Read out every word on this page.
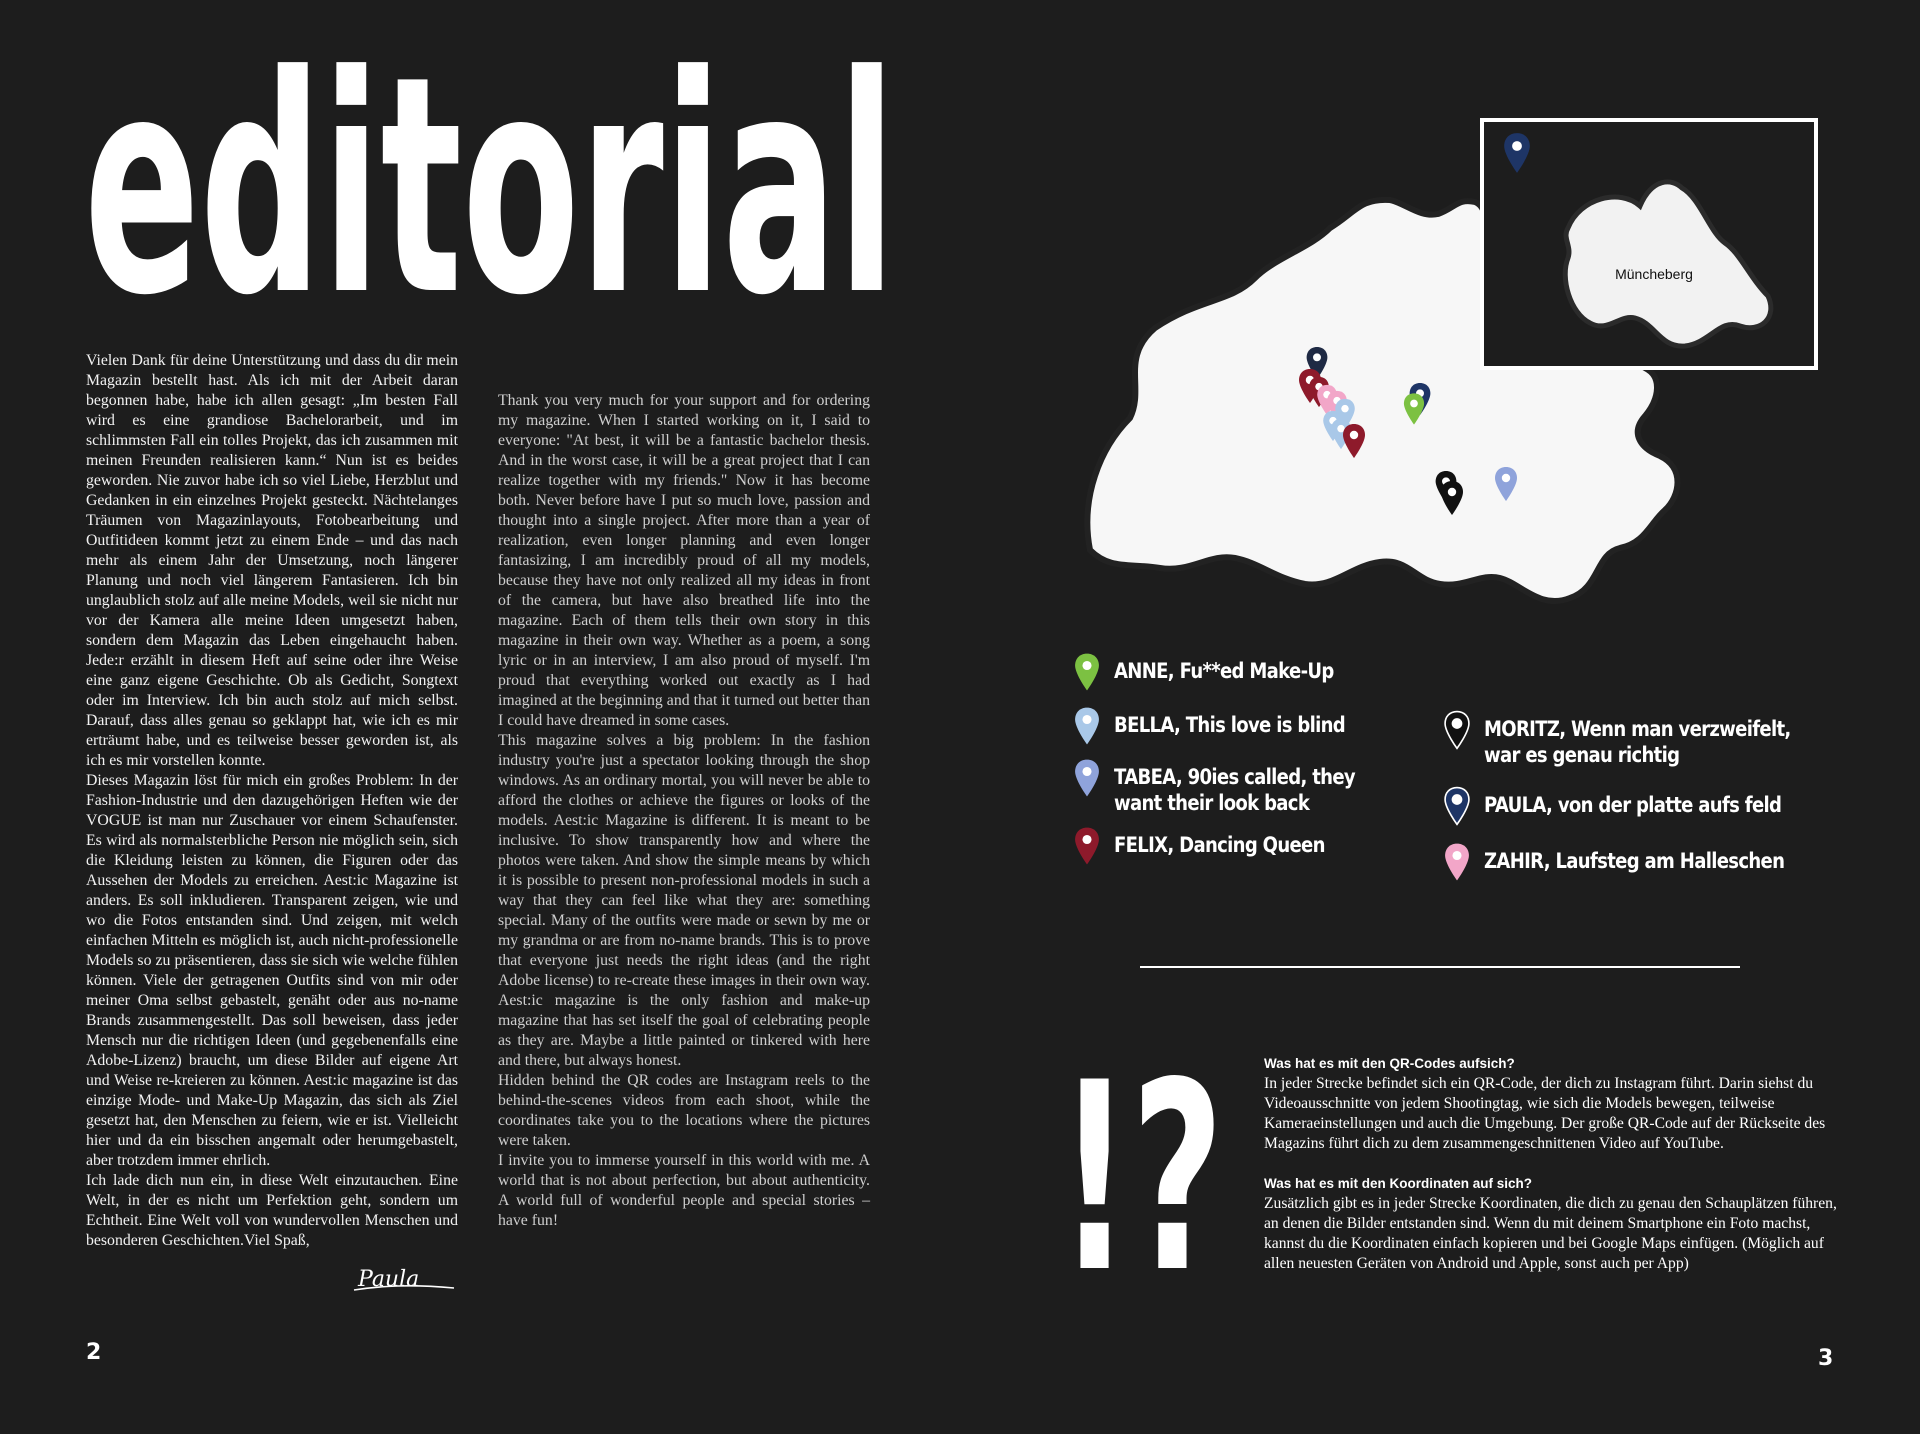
editorial

Vielen Dank für deine Unterstützung und dass du dir mein Magazin bestellt hast. Als ich mit der Arbeit daran begonnen habe, habe ich allen gesagt: „Im besten Fall wird es eine grandiose Bachelorarbeit, und im schlimmsten Fall ein tolles Projekt, das ich zusammen mit meinen Freunden realisieren kann.“ Nun ist es beides geworden. Nie zuvor habe ich so viel Liebe, Herzblut und Gedanken in ein einzelnes Projekt gesteckt. Nächtelanges Träumen von Magazinlayouts, Fotobearbeitung und Outfitideen kommt jetzt zu einem Ende – und das nach mehr als einem Jahr der Umsetzung, noch längerer Planung und noch viel längerem Fantasieren. Ich bin unglaublich stolz auf alle meine Models, weil sie nicht nur vor der Kamera alle meine Ideen umgesetzt haben, sondern dem Magazin das Leben eingehaucht haben. Jede:r erzählt in diesem Heft auf seine oder ihre Weise eine ganz eigene Geschichte. Ob als Gedicht, Songtext oder im Interview. Ich bin auch stolz auf mich selbst. Darauf, dass alles genau so geklappt hat, wie ich es mir erträumt habe, und es teilweise besser geworden ist, als ich es mir vorstellen konnte.

Dieses Magazin löst für mich ein großes Problem: In der Fashion-Industrie und den dazugehörigen Heften wie der VOGUE ist man nur Zuschauer vor einem Schaufenster. Es wird als normalsterbliche Person nie möglich sein, sich die Kleidung leisten zu können, die Figuren oder das Aussehen der Models zu erreichen. Aest:ic Magazine ist anders. Es soll inkludieren. Transparent zeigen, wie und wo die Fotos entstanden sind. Und zeigen, mit welch einfachen Mitteln es möglich ist, auch nicht-professionelle Models so zu präsentieren, dass sie sich wie welche fühlen können. Viele der getragenen Outfits sind von mir oder meiner Oma selbst gebastelt, genäht oder aus no-name Brands zusammengestellt. Das soll beweisen, dass jeder Mensch nur die richtigen Ideen (und gegebenenfalls eine Adobe-Lizenz) braucht, um diese Bilder auf eigene Art und Weise re-kreieren zu können. Aest:ic magazine ist das einzige Mode- und Make-Up Magazin, das sich als Ziel gesetzt hat, den Menschen zu feiern, wie er ist. Vielleicht hier und da ein bisschen angemalt oder herumgebastelt, aber trotzdem immer ehrlich.

Ich lade dich nun ein, in diese Welt einzutauchen. Eine Welt, in der es nicht um Perfektion geht, sondern um Echtheit. Eine Welt voll von wundervollen Menschen und besonderen Geschichten.Viel Spaß,

Paula

Thank you very much for your support and for ordering my magazine. When I started working on it, I said to everyone: "At best, it will be a fantastic bachelor thesis. And in the worst case, it will be a great project that I can realize together with my friends." Now it has become both. Never before have I put so much love, passion and thought into a single project. After more than a year of realization, even longer planning and even longer fantasizing, I am incredibly proud of all my models, because they have not only realized all my ideas in front of the camera, but have also breathed life into the magazine. Each of them tells their own story in this magazine in their own way. Whether as a poem, a song lyric or in an interview, I am also proud of myself. I'm proud that everything worked out exactly as I had imagined at the beginning and that it turned out better than I could have dreamed in some cases.

This magazine solves a big problem: In the fashion industry you're just a spectator looking through the shop windows. As an ordinary mortal, you will never be able to afford the clothes or achieve the figures or looks of the models. Aest:ic Magazine is different. It is meant to be inclusive. To show transparently how and where the photos were taken. And show the simple means by which it is possible to present non-professional models in such a way that they can feel like what they are: something special. Many of the outfits were made or sewn by me or my grandma or are from no-name brands. This is to prove that everyone just needs the right ideas (and the right Adobe license) to re-create these images in their own way. Aest:ic magazine is the only fashion and make-up magazine that has set itself the goal of celebrating people as they are. Maybe a little painted or tinkered with here and there, but always honest.

Hidden behind the QR codes are Instagram reels to the behind-the-scenes videos from each shoot, while the coordinates take you to the locations where the pictures were taken.

I invite you to immerse yourself in this world with me. A world that is not about perfection, but about authenticity. A world full of wonderful people and special stories – have fun!

2	3
Müncheberg
ANNE, Fu**ed Make-Up
BELLA, This love is blind
TABEA, 90ies called, they
want their look back
FELIX, Dancing Queen
MORITZ, Wenn man verzweifelt,
war es genau richtig
PAULA, von der platte aufs feld
ZAHIR, Laufsteg am Halleschen
!?	Was hat es mit den QR-Codes aufsich?

In jeder Strecke befindet sich ein QR-Code, der dich zu Instagram führt. Darin siehst du Videoausschnitte von jedem Shootingtag, wie sich die Models bewegen, teilweise Kameraeinstellungen und auch die Umgebung. Der große QR-Code auf der Rückseite des Magazins führt dich zu dem zusammengeschnittenen Video auf YouTube.

Was hat es mit den Koordinaten auf sich?

Zusätzlich gibt es in jeder Strecke Koordinaten, die dich zu genau den Schauplätzen führen, an denen die Bilder entstanden sind. Wenn du mit deinem Smartphone ein Foto machst, kannst du die Koordinaten einfach kopieren und bei Google Maps einfügen. (Möglich auf allen neuesten Geräten von Android und Apple, sonst auch per App)
